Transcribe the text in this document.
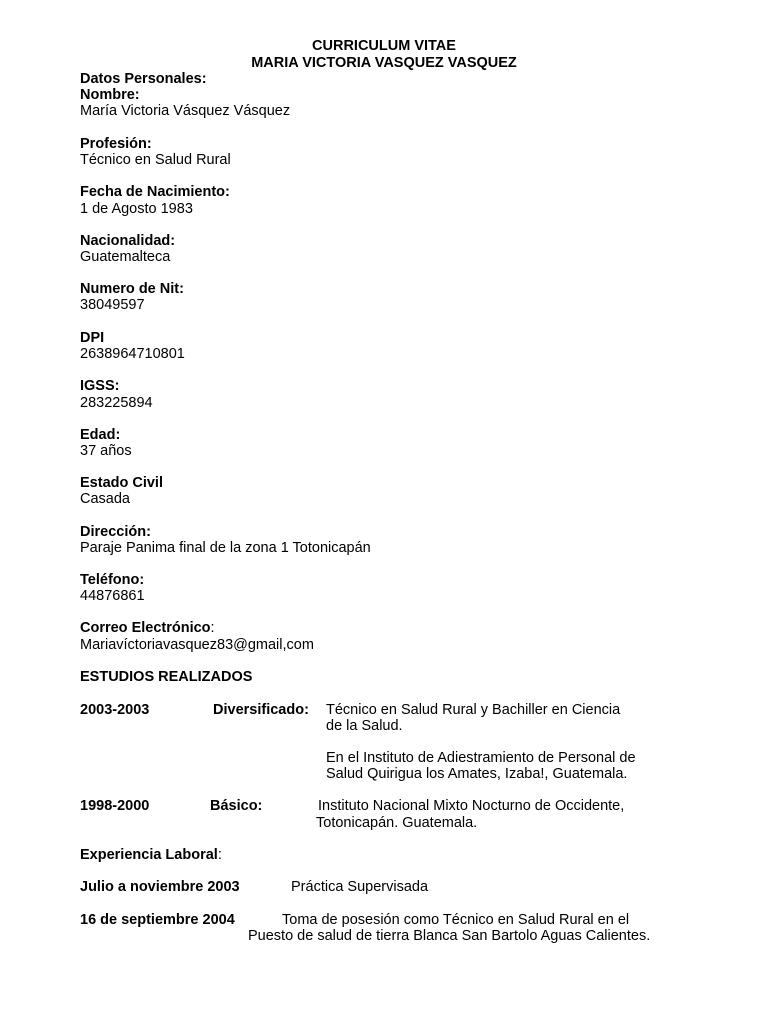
CURRICULUM VITAE
MARIA VICTORIA VASQUEZ VASQUEZ
Datos Personales:
Nombre:
María Victoria Vásquez Vásquez
Profesión:
Técnico en Salud Rural
Fecha de Nacimiento:
1 de Agosto 1983
Nacionalidad:
Guatemalteca
Numero de Nit:
38049597
DPI
2638964710801
IGSS:
283225894
Edad:
37 años
Estado Civil
Casada
Dirección:
Paraje Panima final de la zona 1 Totonicapán
Teléfono:
44876861
Correo Electrónico:
Mariavíctoriavasquez83@gmail,com
ESTUDIOS REALIZADOS
2003-2003	Diversificado: Técnico en Salud Rural y Bachiller en Ciencia
de la Salud.
En el Instituto de Adiestramiento de Personal de
Salud Quirigua los Amates, Izaba!, Guatemala.
1998-2000	Básico:	Instituto Nacional Mixto Nocturno de Occidente,
Totonicapán. Guatemala.
Experiencia Laboral:
Julio a noviembre 2003	Práctica Supervisada
16 de septiembre 2004	Toma de posesión como Técnico en Salud Rural en el
Puesto de salud de tierra Blanca San Bartolo Aguas Calientes.
